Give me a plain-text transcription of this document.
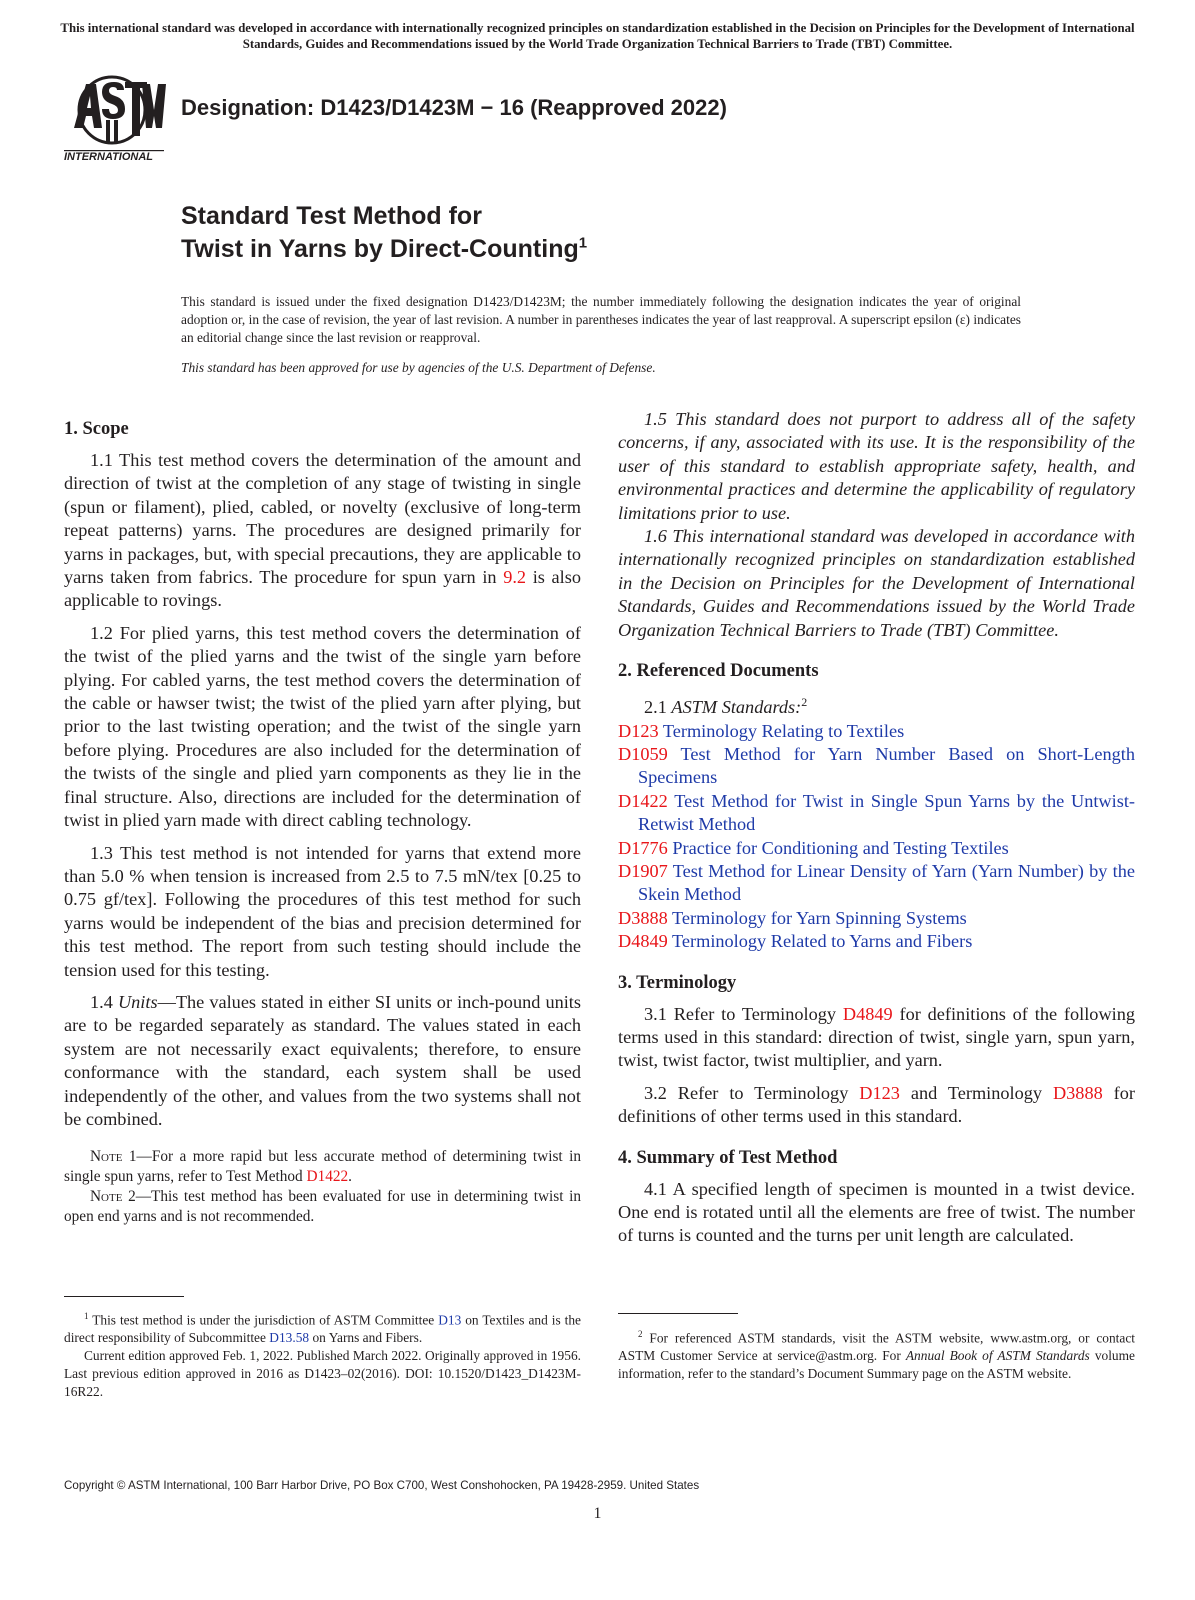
This international standard was developed in accordance with internationally recognized principles on standardization established in the Decision on Principles for the Development of International Standards, Guides and Recommendations issued by the World Trade Organization Technical Barriers to Trade (TBT) Committee.
INTERNATIONAL
Designation: D1423/D1423M − 16 (Reapproved 2022)
Standard Test Method for
Twist in Yarns by Direct-Counting$^1$
This standard is issued under the fixed designation D1423/D1423M; the number immediately following the designation indicates the year of original adoption or, in the case of revision, the year of last revision. A number in parentheses indicates the year of last reapproval. A superscript epsilon (ε) indicates an editorial change since the last revision or reapproval.
This standard has been approved for use by agencies of the U.S. Department of Defense.
1. Scope

1.1 This test method covers the determination of the amount and direction of twist at the completion of any stage of twisting in single (spun or filament), plied, cabled, or novelty (exclusive of long-term repeat patterns) yarns. The procedures are designed primarily for yarns in packages, but, with special precautions, they are applicable to yarns taken from fabrics. The procedure for spun yarn in 9.2 is also applicable to rovings.

1.2 For plied yarns, this test method covers the determination of the twist of the plied yarns and the twist of the single yarn before plying. For cabled yarns, the test method covers the determination of the cable or hawser twist; the twist of the plied yarn after plying, but prior to the last twisting operation; and the twist of the single yarn before plying. Procedures are also included for the determination of the twists of the single and plied yarn components as they lie in the final structure. Also, directions are included for the determination of twist in plied yarn made with direct cabling technology.

1.3 This test method is not intended for yarns that extend more than 5.0 % when tension is increased from 2.5 to 7.5 mN/tex [0.25 to 0.75 gf/tex]. Following the procedures of this test method for such yarns would be independent of the bias and precision determined for this test method. The report from such testing should include the tension used for this testing.

1.4 Units—The values stated in either SI units or inch-pound units are to be regarded separately as standard. The values stated in each system are not necessarily exact equivalents; therefore, to ensure conformance with the standard, each system shall be used independently of the other, and values from the two systems shall not be combined.

Note 1—For a more rapid but less accurate method of determining twist in single spun yarns, refer to Test Method D1422.
Note 2—This test method has been evaluated for use in determining twist in open end yarns and is not recommended.

1.5 This standard does not purport to address all of the safety concerns, if any, associated with its use. It is the responsibility of the user of this standard to establish appropriate safety, health, and environmental practices and determine the applicability of regulatory limitations prior to use.

1.6 This international standard was developed in accordance with internationally recognized principles on standardization established in the Decision on Principles for the Development of International Standards, Guides and Recommendations issued by the World Trade Organization Technical Barriers to Trade (TBT) Committee.

2. Referenced Documents

2.1 ASTM Standards:$^2$

D123 Terminology Relating to Textiles
D1059 Test Method for Yarn Number Based on Short-Length Specimens
D1422 Test Method for Twist in Single Spun Yarns by the Untwist-Retwist Method
D1776 Practice for Conditioning and Testing Textiles
D1907 Test Method for Linear Density of Yarn (Yarn Number) by the Skein Method
D3888 Terminology for Yarn Spinning Systems
D4849 Terminology Related to Yarns and Fibers
3. Terminology

3.1 Refer to Terminology D4849 for definitions of the following terms used in this standard: direction of twist, single yarn, spun yarn, twist, twist factor, twist multiplier, and yarn.

3.2 Refer to Terminology D123 and Terminology D3888 for definitions of other terms used in this standard.

4. Summary of Test Method

4.1 A specified length of specimen is mounted in a twist device. One end is rotated until all the elements are free of twist. The number of turns is counted and the turns per unit length are calculated.

$^1$ This test method is under the jurisdiction of ASTM Committee D13 on Textiles and is the direct responsibility of Subcommittee D13.58 on Yarns and Fibers.

Current edition approved Feb. 1, 2022. Published March 2022. Originally approved in 1956. Last previous edition approved in 2016 as D1423–02(2016). DOI: 10.1520/D1423_D1423M-16R22.

$^2$ For referenced ASTM standards, visit the ASTM website, www.astm.org, or contact ASTM Customer Service at service@astm.org. For Annual Book of ASTM Standards volume information, refer to the standard’s Document Summary page on the ASTM website.

Copyright © ASTM International, 100 Barr Harbor Drive, PO Box C700, West Conshohocken, PA 19428-2959. United States
1
